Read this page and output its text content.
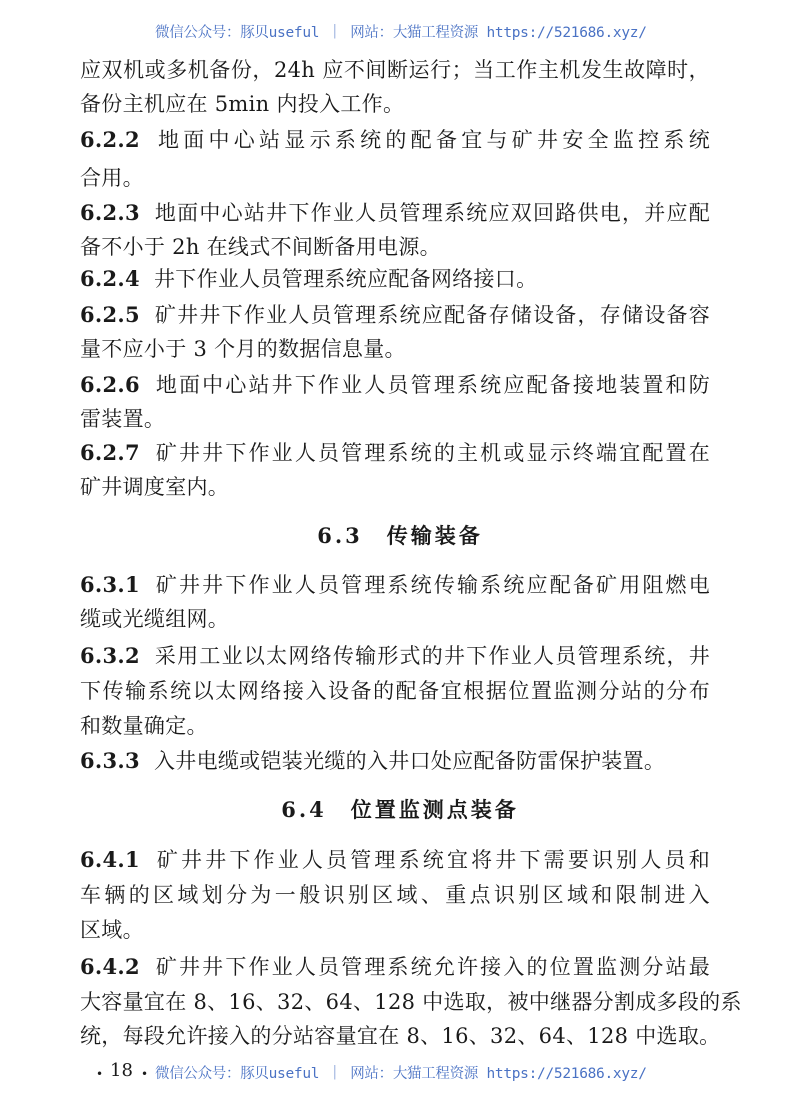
微信公众号：豚贝useful ｜ 网站：大猫工程资源 https://521686.xyz/
应双机或多机备份，24h 应不间断运行；当工作主机发生故障时，
备份主机应在 5min 内投入工作。
6.2.2 地面中心站显示系统的配备宜与矿井安全监控系统
合用。
6.2.3 地面中心站井下作业人员管理系统应双回路供电，并应配
备不小于 2h 在线式不间断备用电源。
6.2.4 井下作业人员管理系统应配备网络接口。
6.2.5 矿井井下作业人员管理系统应配备存储设备，存储设备容
量不应小于 3 个月的数据信息量。
6.2.6 地面中心站井下作业人员管理系统应配备接地装置和防
雷装置。
6.2.7 矿井井下作业人员管理系统的主机或显示终端宜配置在
矿井调度室内。
6.3.1 矿井井下作业人员管理系统传输系统应配备矿用阻燃电
缆或光缆组网。
6.3.2 采用工业以太网络传输形式的井下作业人员管理系统，井
下传输系统以太网络接入设备的配备宜根据位置监测分站的分布
和数量确定。
6.3.3 入井电缆或铠装光缆的入井口处应配备防雷保护装置。
6.4.1 矿井井下作业人员管理系统宜将井下需要识别人员和
车辆的区域划分为一般识别区域、重点识别区域和限制进入
区域。
6.4.2 矿井井下作业人员管理系统允许接入的位置监测分站最
大容量宜在 8、16、32、64、128 中选取，被中继器分割成多段的系
统，每段允许接入的分站容量宜在 8、16、32、64、128 中选取。
6.3　传输装备
6.4　位置监测点装备
• 18 • 微信公众号：豚贝useful ｜ 网站：大猫工程资源 https://521686.xyz/
